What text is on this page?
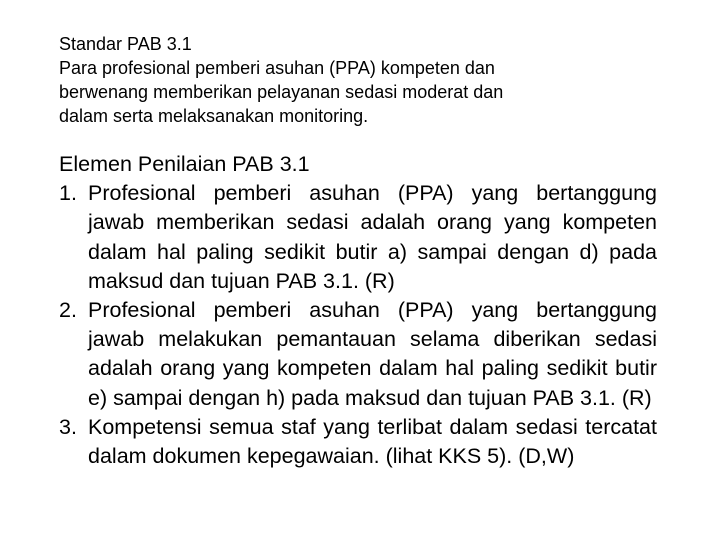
Standar PAB 3.1

Para profesional pemberi asuhan (PPA) kompeten dan

berwenang memberikan pelayanan sedasi moderat dan

dalam serta melaksanakan monitoring.

Elemen Penilaian PAB 3.1

1. Profesional pemberi asuhan (PPA) yang bertanggung jawab memberikan sedasi adalah orang yang kompeten dalam hal paling sedikit butir a) sampai dengan d) pada maksud dan tujuan PAB 3.1. (R)
2. Profesional pemberi asuhan (PPA) yang bertanggung jawab melakukan pemantauan selama diberikan sedasi adalah orang yang kompeten dalam hal paling sedikit butir e) sampai dengan h) pada maksud dan tujuan PAB 3.1. (R)
3. Kompetensi semua staf yang terlibat dalam sedasi tercatat dalam dokumen kepegawaian. (lihat KKS 5). (D,W)
